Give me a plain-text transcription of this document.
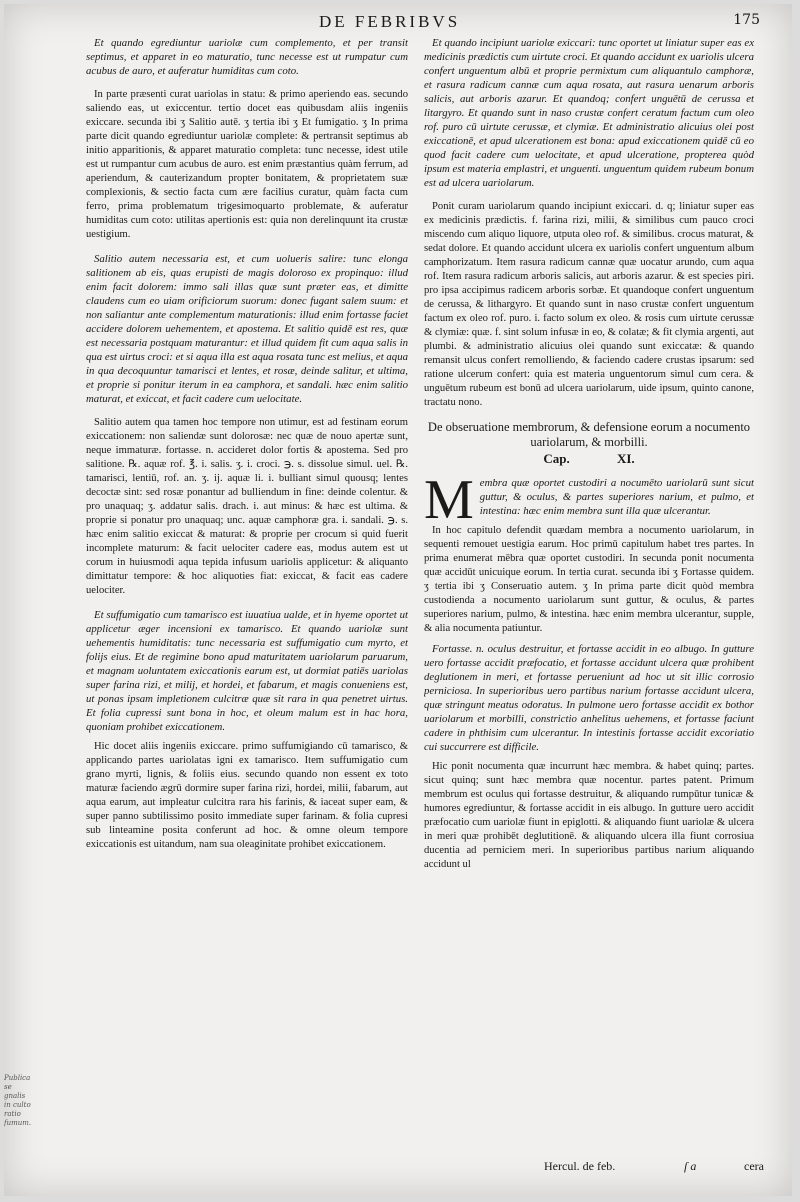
DE FEBRIBVS	175

Et quando egrediuntur uariolæ cum complemento, et per transit septimus, et apparet in eo maturatio, tunc necesse est ut rumpatur cum acubus de auro, et auferatur humiditas cum coto.

In parte præsenti curat uariolas in statu: & primo aperiendo eas. secundo saliendo eas, ut exiccentur. tertio docet eas quibusdam aliis ingeniis exiccare. secunda ibi ʒ Salitio autē. ʒ tertia ibi ʒ Et fumigatio. ʒ In prima parte dicit quando egrediuntur uariolæ complete: & pertransit septimus ab initio apparitionis, & apparet maturatio completa: tunc necesse, idest utile est ut rumpantur cum acubus de auro. est enim præstantius quàm ferrum, ad aperiendum, & cauterizandum propter bonitatem, & proprietatem suæ complexionis, & sectio facta cum ære facilius curatur, quàm facta cum ferro, prima problematum trigesimoquarto problemate, & auferatur humiditas cum coto: utilitas apertionis est: quia non derelinquunt ita crustæ uestigium.

Salitio autem necessaria est, et cum uolueris salire: tunc elonga salitionem ab eis, quas erupisti de magis doloroso ex propinquo: illud enim facit dolorem: immo sali illas quæ sunt præter eas, et dimitte claudens cum eo uiam orificiorum suorum: donec fugant salem suum: et non saliantur ante complementum maturationis: illud enim fortasse faciet accidere dolorem uehementem, et apostema. Et salitio quidē est res, quæ est necessaria postquam maturantur: et illud quidem fit cum aqua salis in qua est uirtus croci: et si aqua illa est aqua rosata tunc est melius, et aqua in qua decoquuntur tamarisci et lentes, et rosæ, deinde salitur, et ultima, et proprie si ponitur iterum in ea camphora, et sandali. hæc enim salitio maturat, et exiccat, et facit cadere cum uelocitate.

Salitio autem qua tamen hoc tempore non utimur, est ad festinam eorum exiccationem: non saliendæ sunt dolorosæ: nec quæ de nouo apertæ sunt, neque immaturæ. fortasse. n. accideret dolor fortis & apostema. Sed pro salitione. ℞. aquæ rof. ℥. i. salis. ʒ. i. croci. ℈. s. dissolue simul. uel. ℞. tamarisci, lentiū, rof. an. ʒ. ij. aquæ li. i. bulliant simul quousq; lentes decoctæ sint: sed rosæ ponantur ad bulliendum in fine: deinde colentur. & pro unaquaq; ʒ. addatur salis. drach. i. aut minus: & hæc est ultima. & proprie si ponatur pro unaquaq; unc. aquæ camphoræ gra. i. sandali. ℈. s. hæc enim salitio exiccat & maturat: & proprie per crocum si quid fuerit incomplete maturum: & facit uelociter cadere eas, modus autem est ut corum in huiusmodi aqua tepida infusum uariolis applicetur: & aliquanto dimittatur tempore: & hoc aliquoties fiat: exiccat, & facit eas cadere uelociter.

Et suffumigatio cum tamarisco est iuuatiua ualde, et in hyeme oportet ut applicetur æger incensioni ex tamarisco. Et quando uariolæ sunt uehementis humiditatis: tunc necessaria est suffumigatio cum myrto, et folijs eius. Et de regimine bono apud maturitatem uariolarum paruarum, et magnam uoluntatem exiccationis earum est, ut dormiat patiēs uariolas super farina rizi, et milij, et hordei, et fabarum, et magis conueniens est, ut ponas ipsam impletionem culcitræ quæ sit rara in qua penetret uirtus. Et folia cupressi sunt bona in hoc, et oleum malum est in hac hora, quoniam prohibet exiccationem.

Hic docet aliis ingeniis exiccare. primo suffumigiando cū tamarisco, & applicando partes uariolatas igni ex tamarisco. Item suffumigatio cum grano myrti, lignis, & foliis eius. secundo quando non essent ex toto maturæ faciendo ægrū dormire super farina rizi, hordei, milii, fabarum, aut aqua earum, aut impleatur culcitra rara his farinis, & iaceat super eam, & super panno subtilissimo posito immediate super farinam. & folia cupresi sub linteamine posita conferunt ad hoc. & omne oleum tempore exiccationis est uitandum, nam sua oleaginitate prohibet exiccationem.

Et quando incipiunt uariolæ exiccari: tunc oportet ut liniatur super eas ex medicinis prædictis cum uirtute croci. Et quando accidunt ex uariolis ulcera confert unguentum albū et proprie permixtum cum aliquantulo camphoræ, et rasura radicum cannæ cum aqua rosata, aut rasura uenarum arboris salicis, aut arboris azarur. Et quandoq; confert unguētū de cerussa et litargyro. Et quando sunt in naso crustæ confert ceratum factum cum oleo rof. puro cū uirtute cerussæ, et clymiæ. Et administratio alicuius olei post exiccationē, et apud ulcerationem est bona: apud exiccationem quidē cū eo quod facit cadere cum uelocitate, et apud ulceratione, propterea quòd ipsum est materia emplastri, et unguenti. unguentum quidem rubeum bonum est ad ulcera uariolarum.

Ponit curam uariolarum quando incipiunt exiccari. d. q; liniatur super eas ex medicinis prædictis. f. farina rizi, milii, & similibus cum pauco croci miscendo cum aliquo liquore, utputa oleo rof. & similibus. crocus maturat, & sedat dolore. Et quando accidunt ulcera ex uariolis confert unguentum album camphorizatum. Item rasura radicum cannæ quæ uocatur arundo, cum aqua rof. Item rasura radicum arboris salicis, aut arboris azarur. & est species piri. pro ipsa accipimus radicem arboris sorbæ. Et quandoque confert unguentum de cerussa, & lithargyro. Et quando sunt in naso crustæ confert unguentum factum ex oleo rof. puro. i. facto solum ex oleo. & rosis cum uirtute cerussæ & clymiæ: quæ. f. sint solum infusæ in eo, & colatæ; & fit clymia argenti, aut plumbi. & administratio alicuius olei quando sunt exiccatæ: & quando remansit ulcus confert remolliendo, & faciendo cadere crustas ipsarum: sed ratione ulcerum confert: quia est materia unguentorum simul cum cera. & unguētum rubeum est bonū ad ulcera uariolarum, uide ipsum, quinto canone, tractatu nono.

De obseruatione membrorum, & defensione eorum a nocumento uariolarum, & morbilli.
Cap.	XI.
M embra quæ oportet custodiri a nocumēto uariolarū sunt sicut guttur, & oculus, & partes superiores narium, et pulmo, et intestina: hæc enim membra sunt illa quæ ulcerantur.

In hoc capitulo defendit quædam membra a nocumento uariolarum, in sequenti remouet uestigia earum. Hoc primū capitulum habet tres partes. In prima enumerat mēbra quæ oportet custodiri. In secunda ponit nocumenta quæ accidūt unicuique eorum. In tertia curat. secunda ibi ʒ Fortasse quidem. ʒ tertia ibi ʒ Conseruatio autem. ʒ In prima parte dicit quòd membra custodienda a nocumento uariolarum sunt guttur, & oculus, & partes superiores narium, pulmo, & intestina. hæc enim membra ulcerantur, supple, & alia nocumenta patiuntur.

Fortasse. n. oculus destruitur, et fortasse accidit in eo albugo. In gutture uero fortasse accidit præfocatio, et fortasse accidunt ulcera quæ prohibent deglutionem in meri, et fortasse perueniunt ad hoc ut sit illic corrosio perniciosa. In superioribus uero partibus narium fortasse accidunt ulcera, quæ stringunt meatus odoratus. In pulmone uero fortasse accidit ex bothor uariolarum et morbilli, constrictio anhelitus uehemens, et fortasse faciunt cadere in phthisim cum ulcerantur. In intestinis fortasse accidit excoriatio cui succurrere est difficile.

Hic ponit nocumenta quæ incurrunt hæc membra. & habet quinq; partes. sicut quinq; sunt hæc membra quæ nocentur. partes patent. Primum membrum est oculus qui fortasse destruitur, & aliquando rumpūtur tunicæ & humores egrediuntur, & fortasse accidit in eis albugo. In gutture uero accidit præfocatio cum uariolæ fiunt in epiglotti. & aliquando fiunt uariolæ & ulcera in meri quæ prohibēt deglutitionē. & aliquando ulcera illa fiunt corrosiua ducentia ad perniciem meri. In superioribus partibus narium aliquando accidunt ul

Publica se gnalis in culto ratio fumum.
Hercul. de feb.	ſ a	cera
